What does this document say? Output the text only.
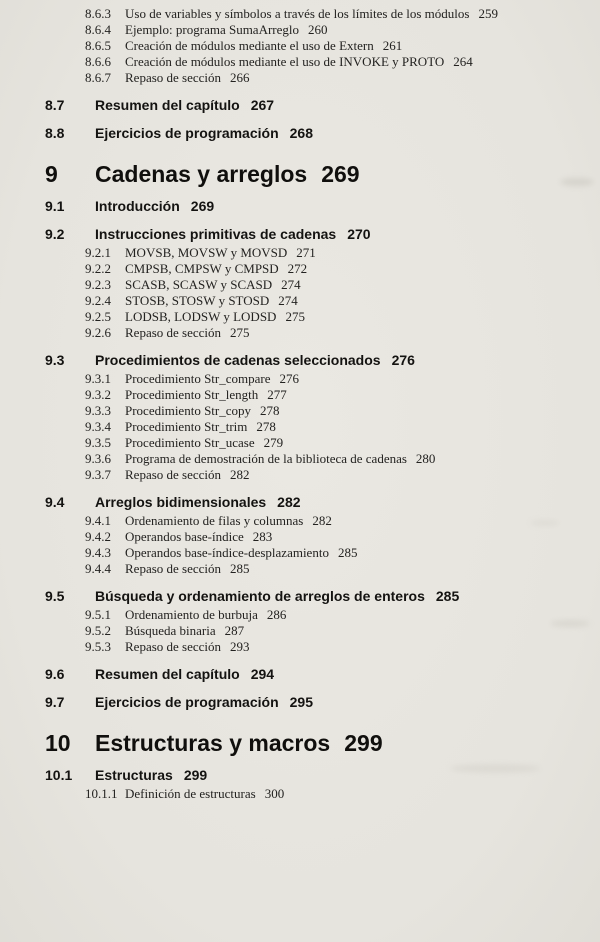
8.6.3	Uso de variables y símbolos a través de los límites de los módulos 259
8.6.4	Ejemplo: programa SumaArreglo 260
8.6.5	Creación de módulos mediante el uso de Extern 261
8.6.6	Creación de módulos mediante el uso de INVOKE y PROTO 264
8.6.7	Repaso de sección 266
8.7	Resumen del capítulo 267
8.8	Ejercicios de programación 268
9	Cadenas y arreglos 269
9.1	Introducción 269
9.2	Instrucciones primitivas de cadenas 270
9.2.1	MOVSB, MOVSW y MOVSD 271
9.2.2	CMPSB, CMPSW y CMPSD 272
9.2.3	SCASB, SCASW y SCASD 274
9.2.4	STOSB, STOSW y STOSD 274
9.2.5	LODSB, LODSW y LODSD 275
9.2.6	Repaso de sección 275
9.3	Procedimientos de cadenas seleccionados 276
9.3.1	Procedimiento Str_compare 276
9.3.2	Procedimiento Str_length 277
9.3.3	Procedimiento Str_copy 278
9.3.4	Procedimiento Str_trim 278
9.3.5	Procedimiento Str_ucase 279
9.3.6	Programa de demostración de la biblioteca de cadenas 280
9.3.7	Repaso de sección 282
9.4	Arreglos bidimensionales 282
9.4.1	Ordenamiento de filas y columnas 282
9.4.2	Operandos base-índice 283
9.4.3	Operandos base-índice-desplazamiento 285
9.4.4	Repaso de sección 285
9.5	Búsqueda y ordenamiento de arreglos de enteros 285
9.5.1	Ordenamiento de burbuja 286
9.5.2	Búsqueda binaria 287
9.5.3	Repaso de sección 293
9.6	Resumen del capítulo 294
9.7	Ejercicios de programación 295
10	Estructuras y macros 299
10.1	Estructuras 299
10.1.1 Definición de estructuras 300
